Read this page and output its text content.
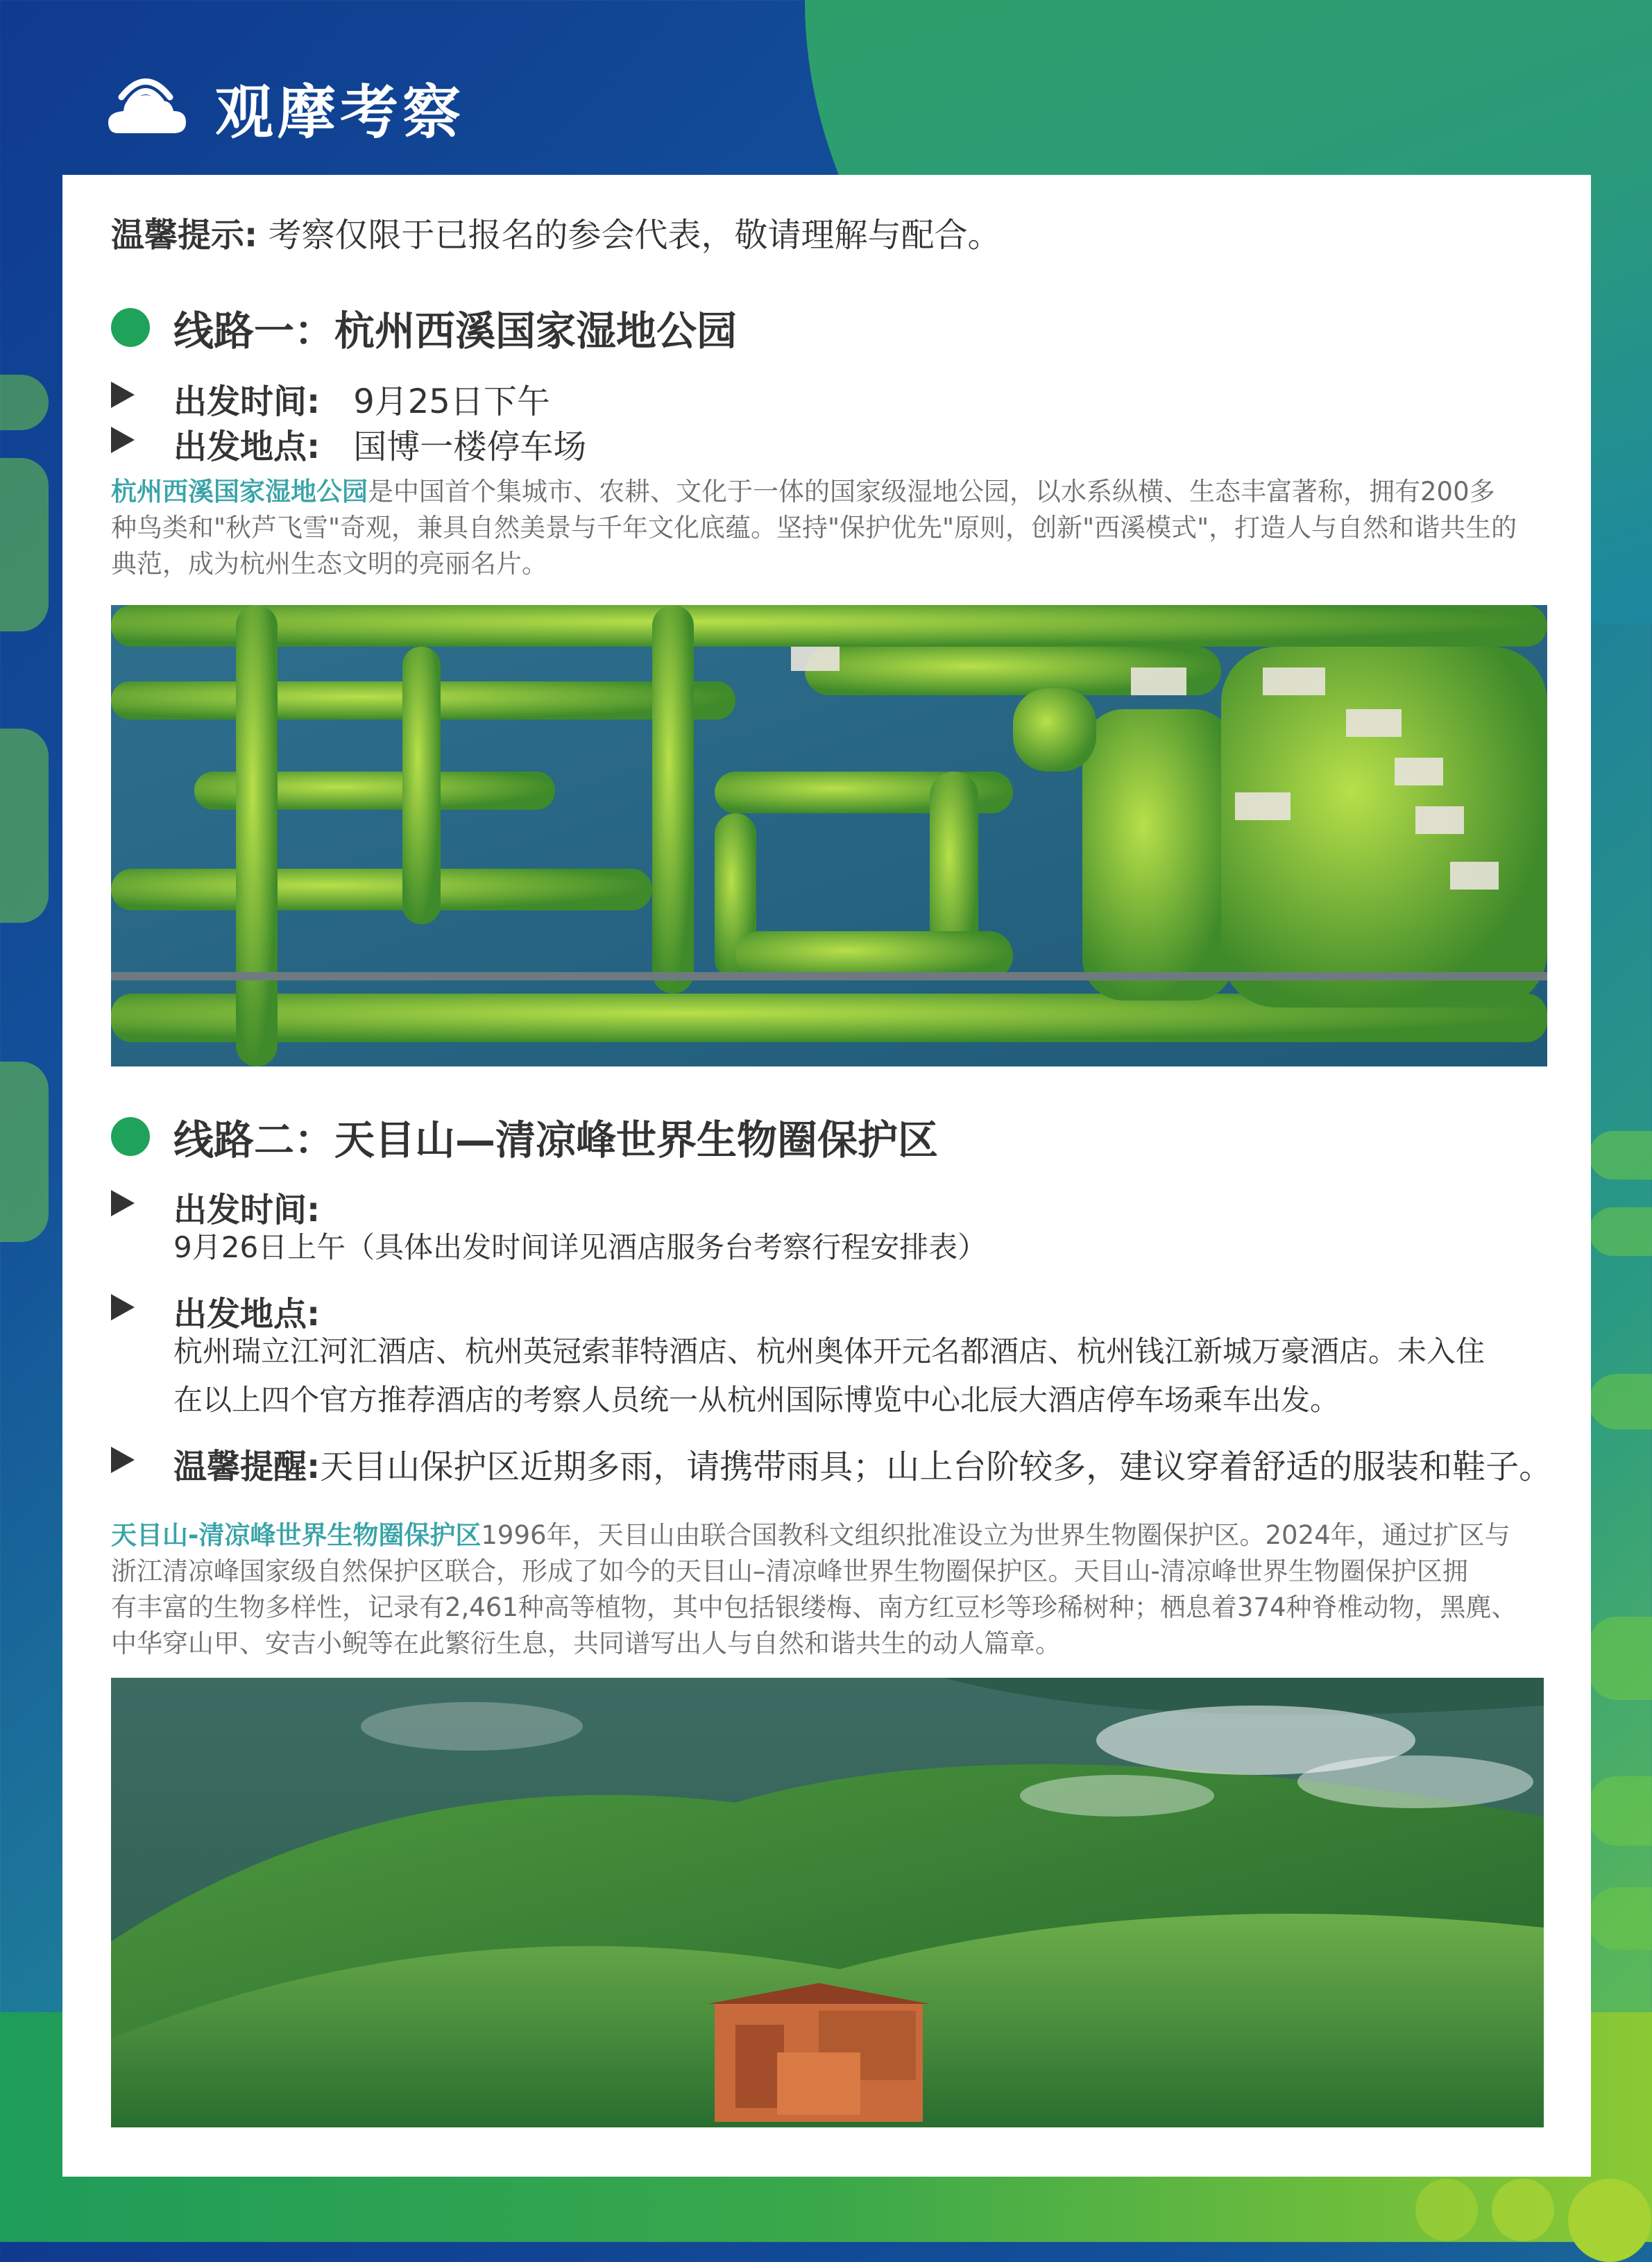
观摩考察
温馨提示: 考察仅限于已报名的参会代表，敬请理解与配合。
线路一：杭州西溪国家湿地公园
出发时间: 9月25日下午
出发地点: 国博一楼停车场
杭州西溪国家湿地公园是中国首个集城市、农耕、文化于一体的国家级湿地公园，以水系纵横、生态丰富著称，拥有200多
种鸟类和"秋芦飞雪"奇观，兼具自然美景与千年文化底蕴。坚持"保护优先"原则，创新"西溪模式"，打造人与自然和谐共生的
典范，成为杭州生态文明的亮丽名片。
线路二：天目山—清凉峰世界生物圈保护区
出发时间:
9月26日上午（具体出发时间详见酒店服务台考察行程安排表）
出发地点:
杭州瑞立江河汇酒店、杭州英冠索菲特酒店、杭州奥体开元名都酒店、杭州钱江新城万豪酒店。未入住
在以上四个官方推荐酒店的考察人员统一从杭州国际博览中心北辰大酒店停车场乘车出发。
温馨提醒: 天目山保护区近期多雨，请携带雨具；山上台阶较多，建议穿着舒适的服装和鞋子。
天目山-清凉峰世界生物圈保护区1996年，天目山由联合国教科文组织批准设立为世界生物圈保护区。2024年，通过扩区与
浙江清凉峰国家级自然保护区联合，形成了如今的天目山–清凉峰世界生物圈保护区。天目山-清凉峰世界生物圈保护区拥
有丰富的生物多样性，记录有2,461种高等植物，其中包括银缕梅、南方红豆杉等珍稀树种；栖息着374种脊椎动物，黑麂、
中华穿山甲、安吉小鲵等在此繁衍生息，共同谱写出人与自然和谐共生的动人篇章。
